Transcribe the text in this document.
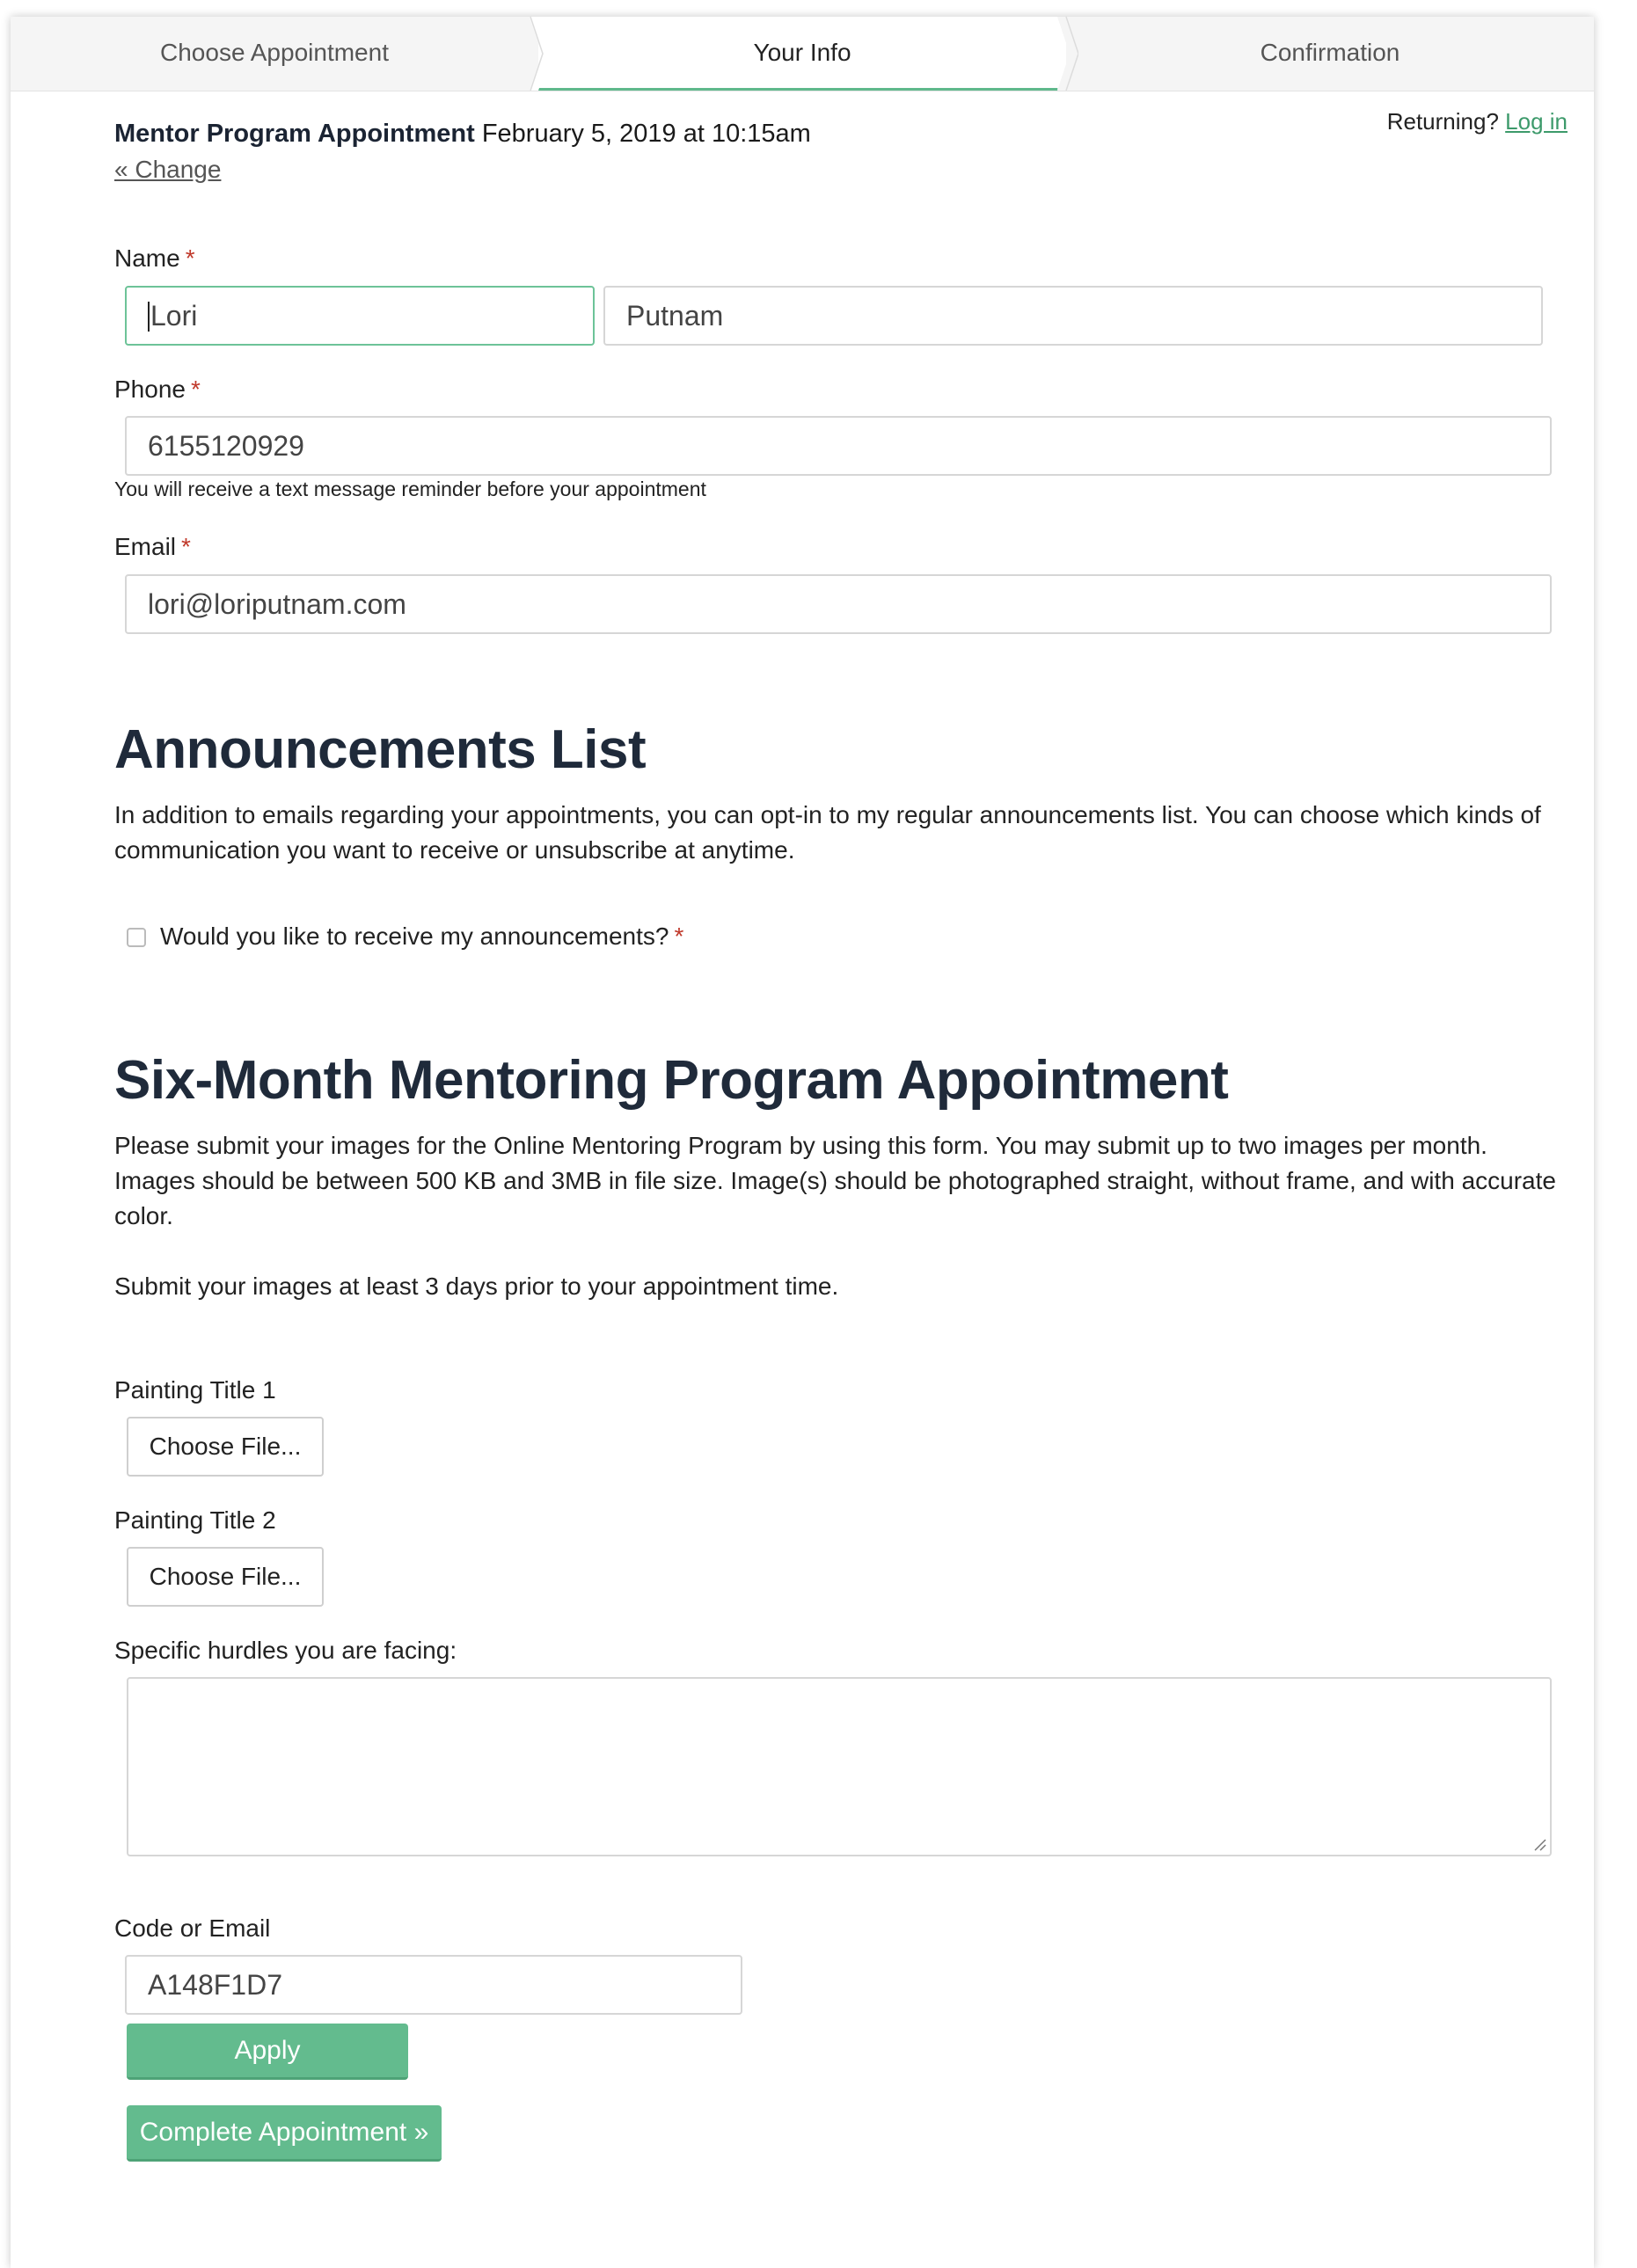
Choose Appointment	Your Info	Confirmation
Returning? Log in
Mentor Program Appointment February 5, 2019 at 10:15am
« Change
Name *
Lori	Putnam
Phone *
6155120929
You will receive a text message reminder before your appointment
Email *
lori@loriputnam.com
Announcements List
In addition to emails regarding your appointments, you can opt-in to my regular announcements list. You can choose which kinds of communication you want to receive or unsubscribe at anytime.
Would you like to receive my announcements? *
Six-Month Mentoring Program Appointment
Please submit your images for the Online Mentoring Program by using this form. You may submit up to two images per month. Images should be between 500 KB and 3MB in file size. Image(s) should be photographed straight, without frame, and with accurate color.
Submit your images at least 3 days prior to your appointment time.
Painting Title 1
Choose File...
Painting Title 2
Choose File...
Specific hurdles you are facing:
Code or Email
A148F1D7
Apply
Complete Appointment »
